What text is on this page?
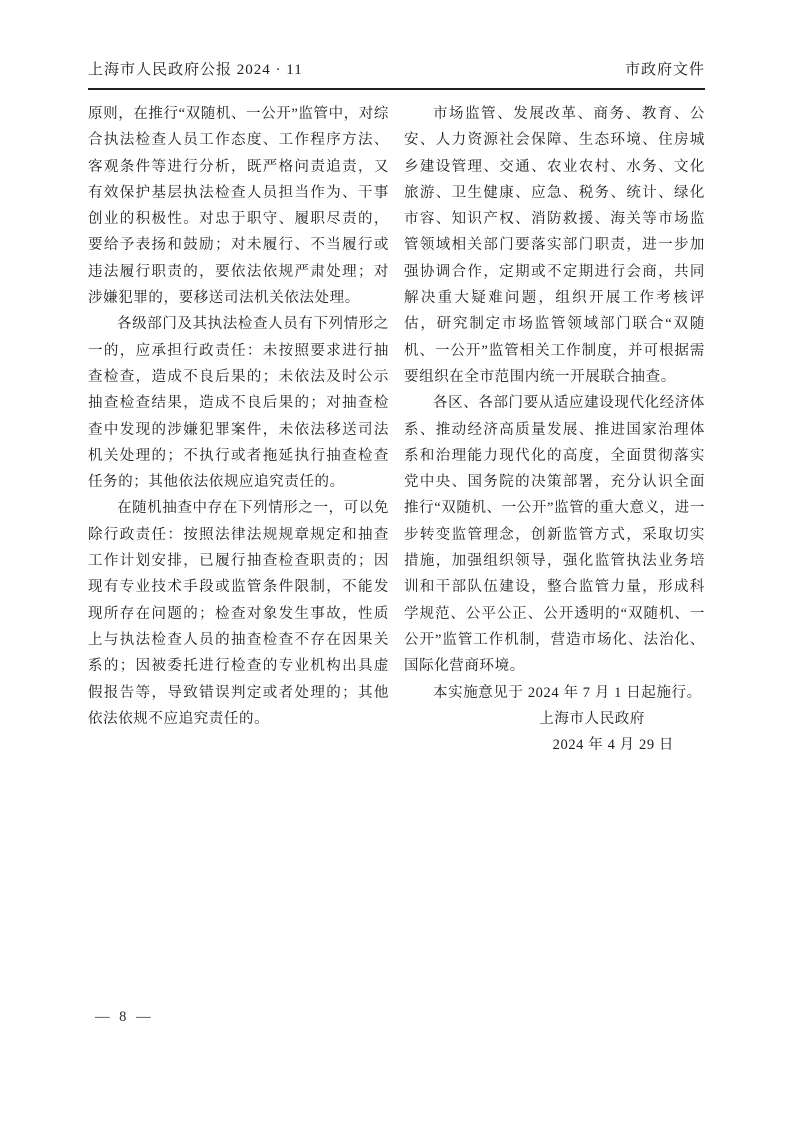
上海市人民政府公报 2024 · 11	市政府文件

原则，在推行“双随机、一公开”监管中，对综合执法检查人员工作态度、工作程序方法、客观条件等进行分析，既严格问责追责，又有效保护基层执法检查人员担当作为、干事创业的积极性。对忠于职守、履职尽责的，要给予表扬和鼓励；对未履行、不当履行或违法履行职责的，要依法依规严肃处理；对涉嫌犯罪的，要移送司法机关依法处理。

各级部门及其执法检查人员有下列情形之一的，应承担行政责任：未按照要求进行抽查检查，造成不良后果的；未依法及时公示抽查检查结果，造成不良后果的；对抽查检查中发现的涉嫌犯罪案件，未依法移送司法机关处理的；不执行或者拖延执行抽查检查任务的；其他依法依规应追究责任的。

在随机抽查中存在下列情形之一，可以免除行政责任：按照法律法规规章规定和抽查工作计划安排，已履行抽查检查职责的；因现有专业技术手段或监管条件限制，不能发现所存在问题的；检查对象发生事故，性质上与执法检查人员的抽查检查不存在因果关系的；因被委托进行检查的专业机构出具虚假报告等，导致错误判定或者处理的；其他依法依规不应追究责任的。

市场监管、发展改革、商务、教育、公安、人力资源社会保障、生态环境、住房城乡建设管理、交通、农业农村、水务、文化旅游、卫生健康、应急、税务、统计、绿化市容、知识产权、消防救援、海关等市场监管领域相关部门要落实部门职责，进一步加强协调合作，定期或不定期进行会商，共同解决重大疑难问题，组织开展工作考核评估，研究制定市场监管领域部门联合“双随机、一公开”监管相关工作制度，并可根据需要组织在全市范围内统一开展联合抽查。

各区、各部门要从适应建设现代化经济体系、推动经济高质量发展、推进国家治理体系和治理能力现代化的高度，全面贯彻落实党中央、国务院的决策部署，充分认识全面推行“双随机、一公开”监管的重大意义，进一步转变监管理念，创新监管方式，采取切实措施，加强组织领导，强化监管执法业务培训和干部队伍建设，整合监管力量，形成科学规范、公平公正、公开透明的“双随机、一公开”监管工作机制，营造市场化、法治化、国际化营商环境。

本实施意见于 2024 年 7 月 1 日起施行。

上海市人民政府

2024 年 4 月 29 日

— 8 —
